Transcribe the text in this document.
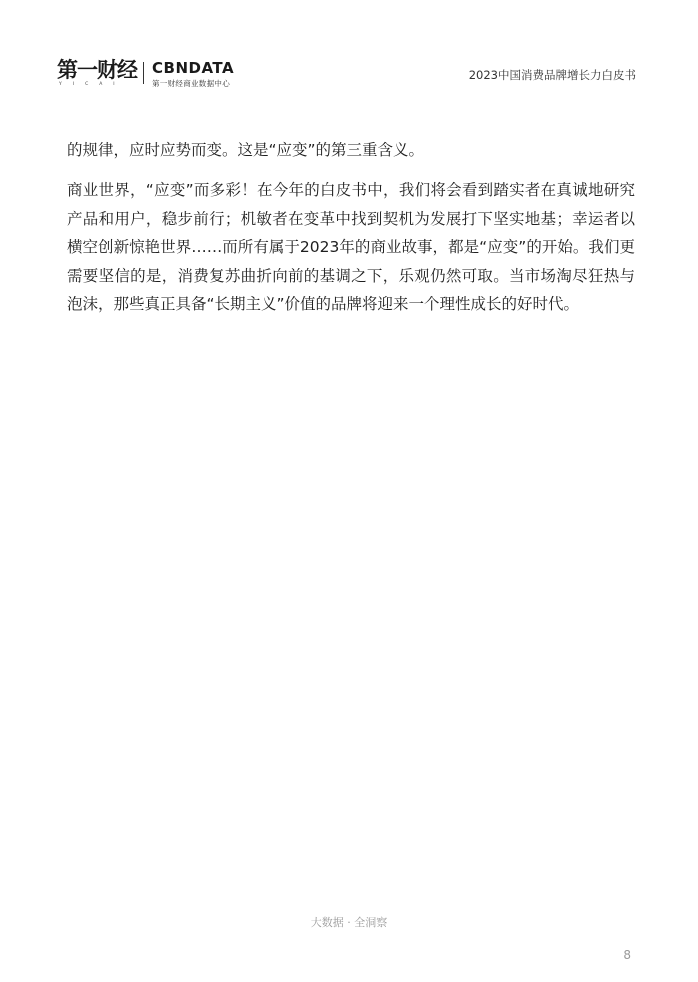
第一财经
YICAI
CBNDATA
第一财经商业数据中心
2023中国消费品牌增长力白皮书

的规律，应时应势而变。这是“应变”的第三重含义。

商业世界，“应变”而多彩！在今年的白皮书中，我们将会看到踏实者在真诚地研究产品和用户，稳步前行；机敏者在变革中找到契机为发展打下坚实地基；幸运者以横空创新惊艳世界……而所有属于2023年的商业故事，都是“应变”的开始。我们更需要坚信的是，消费复苏曲折向前的基调之下，乐观仍然可取。当市场淘尽狂热与泡沫，那些真正具备“长期主义”价值的品牌将迎来一个理性成长的好时代。

大数据 · 全洞察
8
